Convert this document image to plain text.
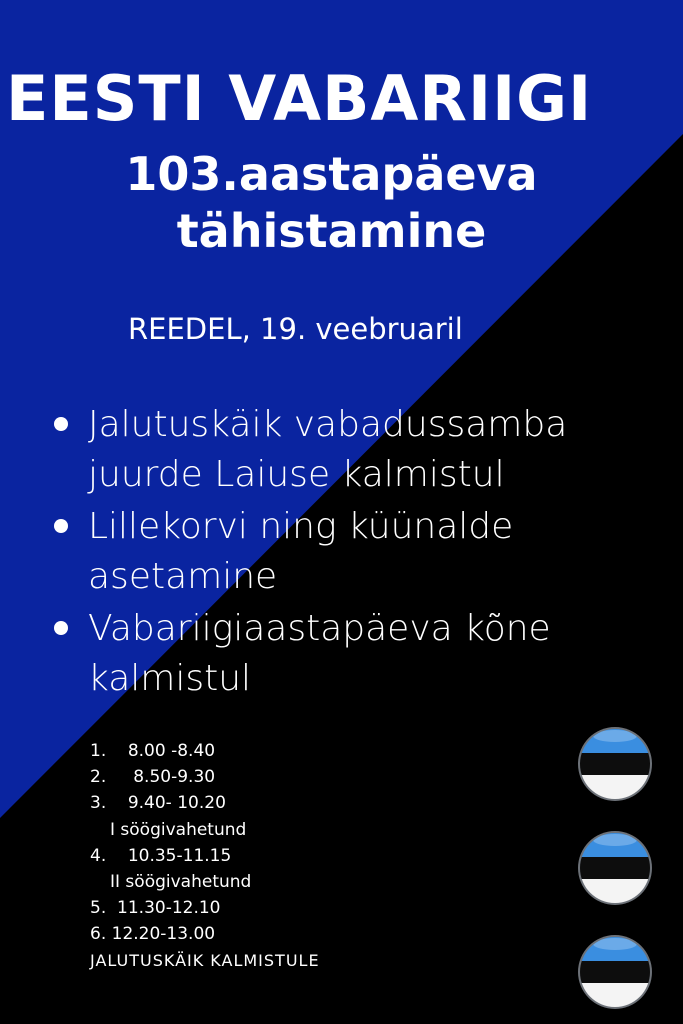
EESTI VABARIIGI
103.aastapäeva
tähistamine
REEDEL, 19. veebruaril
Jalutuskäik vabadussamba
juurde Laiuse kalmistul
Lillekorvi ning küünalde
asetamine
Vabariigiaastapäeva kõne
kalmistul
1.    8.00 -8.40
2.     8.50-9.30
3.    9.40- 10.20
I söögivahetund
4.    10.35-11.15
II söögivahetund
5.  11.30-12.10
6. 12.20-13.00
JALUTUSKÄIK KALMISTULE
